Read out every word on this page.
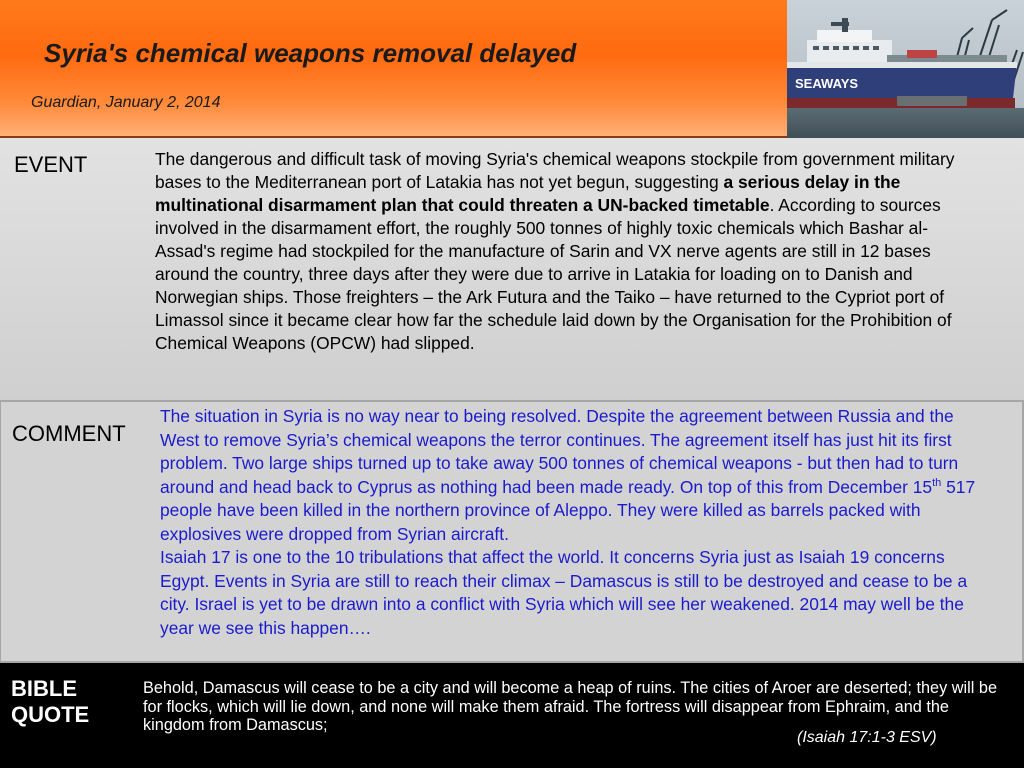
Syria's chemical weapons removal delayed
Guardian, January 2, 2014
SEAWAYS
EVENT	The dangerous and difficult task of moving Syria's chemical weapons stockpile from government military bases to the Mediterranean port of Latakia has not yet begun, suggesting a serious delay in the multinational disarmament plan that could threaten a UN-backed timetable. According to sources involved in the disarmament effort, the roughly 500 tonnes of highly toxic chemicals which Bashar al-Assad's regime had stockpiled for the manufacture of Sarin and VX nerve agents are still in 12 bases around the country, three days after they were due to arrive in Latakia for loading on to Danish and Norwegian ships. Those freighters – the Ark Futura and the Taiko – have returned to the Cypriot port of Limassol since it became clear how far the schedule laid down by the Organisation for the Prohibition of Chemical Weapons (OPCW) had slipped.
COMMENT

The situation in Syria is no way near to being resolved. Despite the agreement between Russia and the West to remove Syria’s chemical weapons the terror continues. The agreement itself has just hit its first problem. Two large ships turned up to take away 500 tonnes of chemical weapons - but then had to turn around and head back to Cyprus as nothing had been made ready. On top of this from December 15th 517 people have been killed in the northern province of Aleppo. They were killed as barrels packed with explosives were dropped from Syrian aircraft.

Isaiah 17 is one to the 10 tribulations that affect the world. It concerns Syria just as Isaiah 19 concerns Egypt. Events in Syria are still to reach their climax – Damascus is still to be destroyed and cease to be a city. Israel is yet to be drawn into a conflict with Syria which will see her weakened. 2014 may well be the year we see this happen….

BIBLE
QUOTE
Behold, Damascus will cease to be a city and will become a heap of ruins. The cities of Aroer are deserted; they will be for flocks, which will lie down, and none will make them afraid. The fortress will disappear from Ephraim, and the kingdom from Damascus;
(Isaiah 17:1-3 ESV)
